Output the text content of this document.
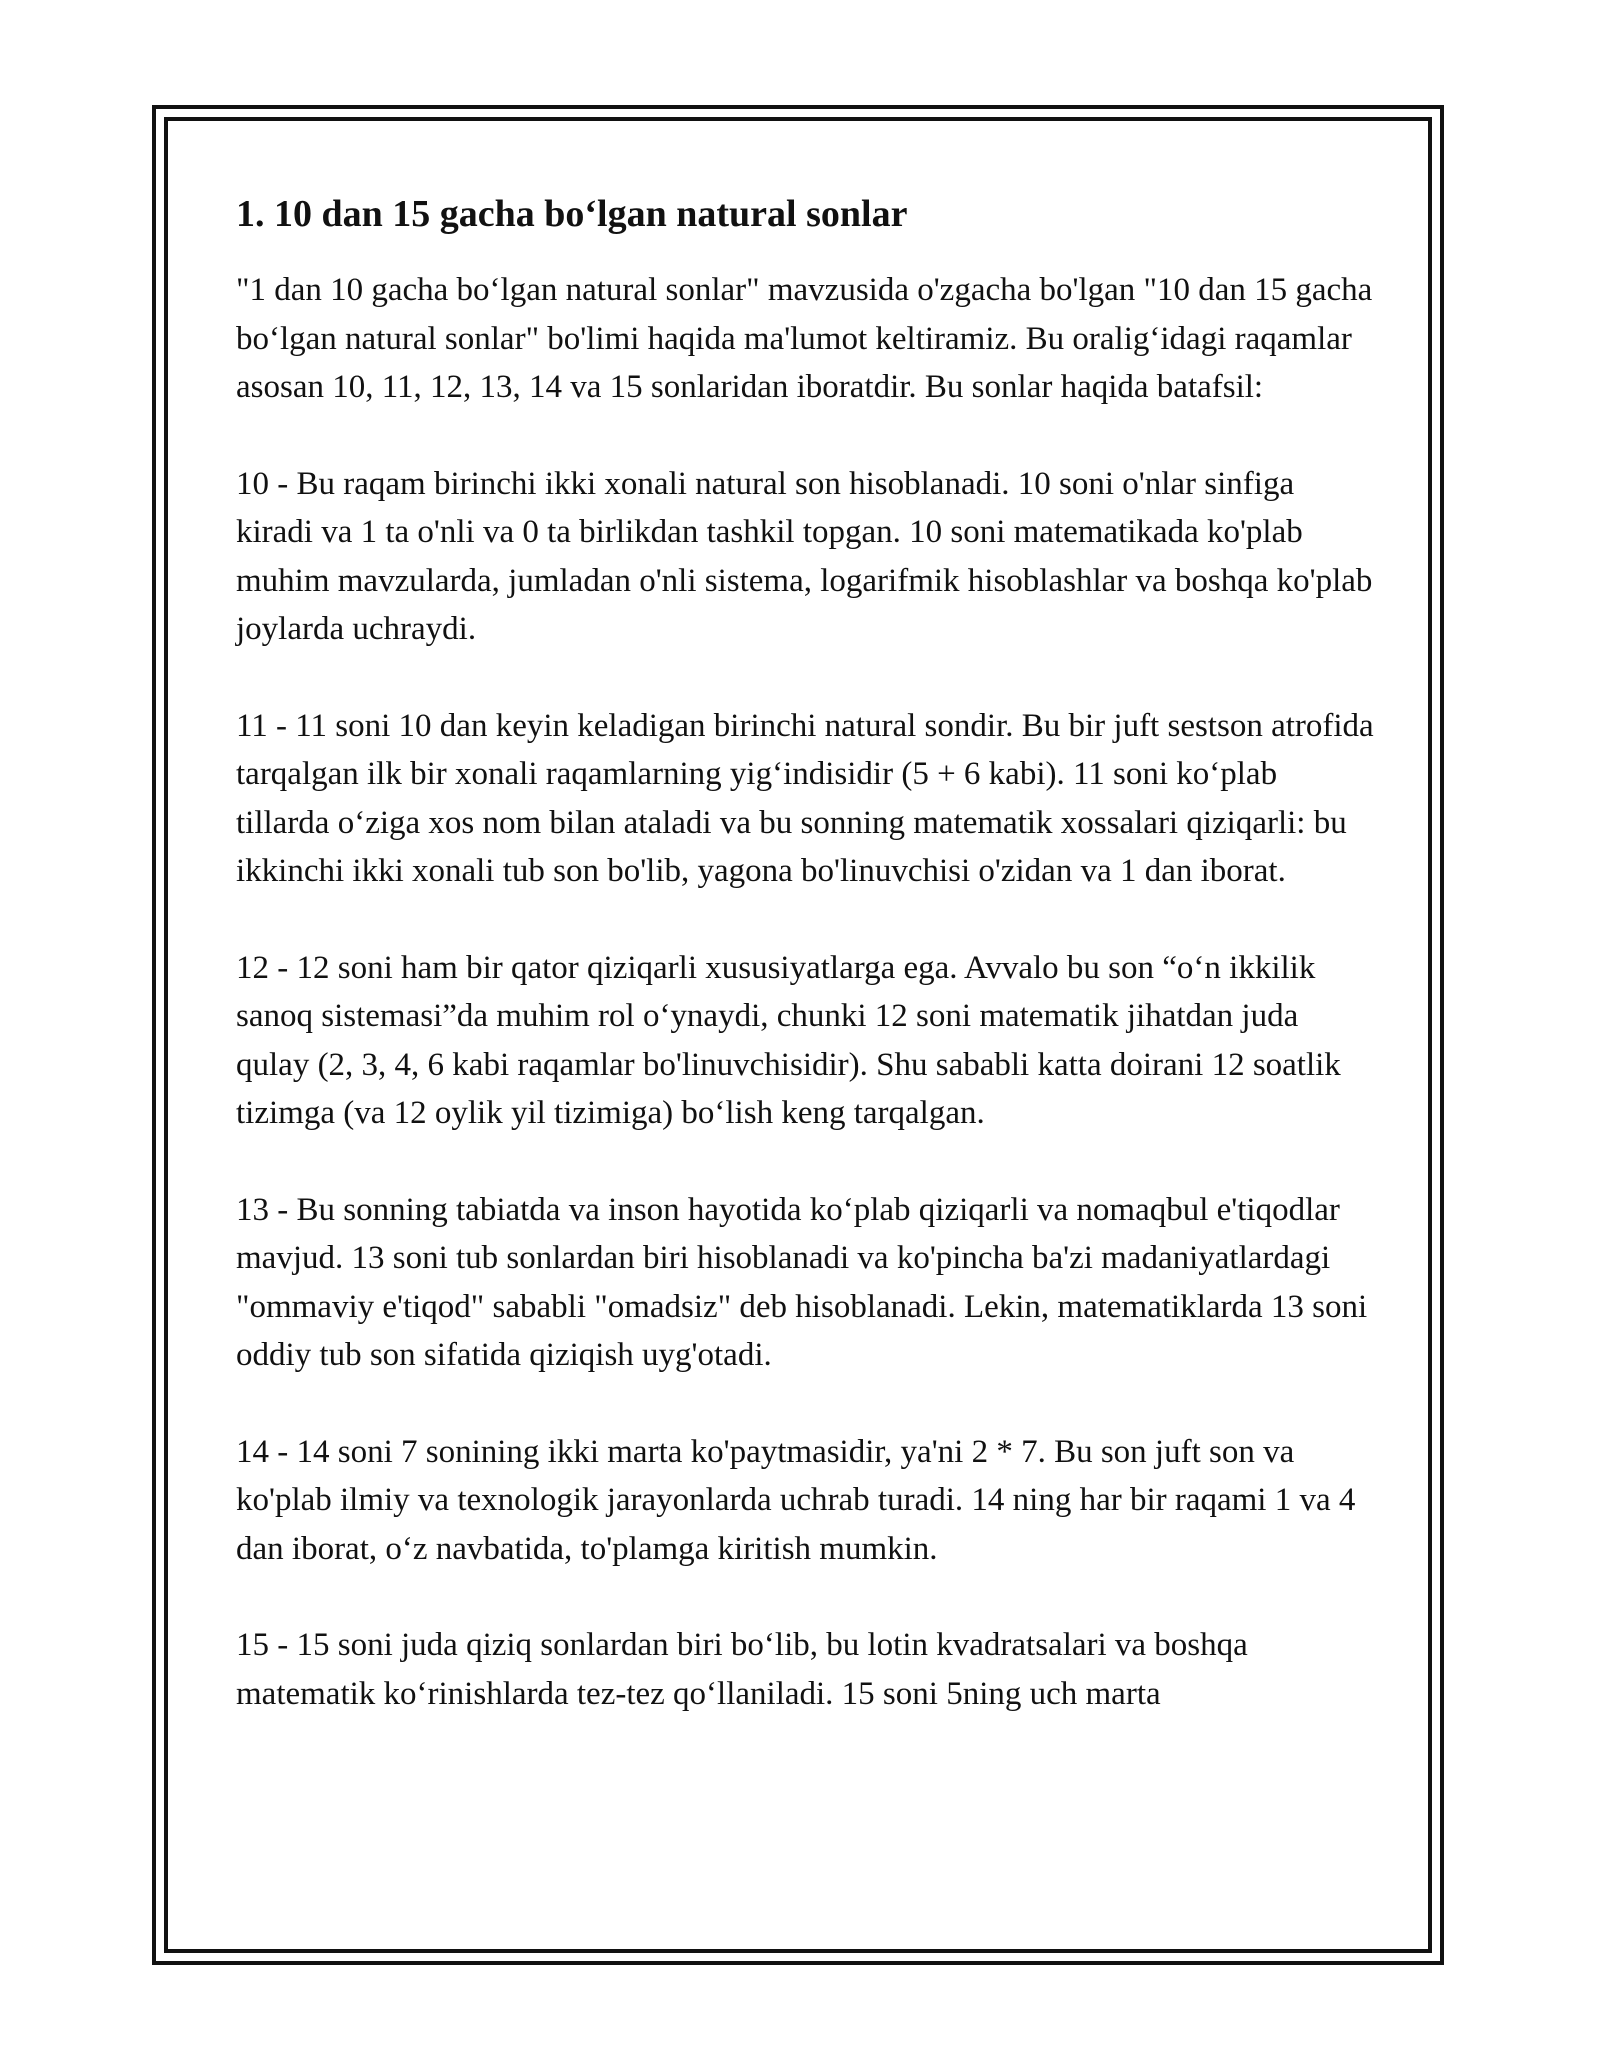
1. 10 dan 15 gacha boʻlgan natural sonlar

"1 dan 10 gacha boʻlgan natural sonlar" mavzusida o'zgacha bo'lgan "10 dan 15 gacha boʻlgan natural sonlar" bo'limi haqida ma'lumot keltiramiz. Bu oraligʻidagi raqamlar asosan 10, 11, 12, 13, 14 va 15 sonlaridan iboratdir. Bu sonlar haqida batafsil:

10 - Bu raqam birinchi ikki xonali natural son hisoblanadi. 10 soni o'nlar sinfiga kiradi va 1 ta o'nli va 0 ta birlikdan tashkil topgan. 10 soni matematikada ko'plab muhim mavzularda, jumladan o'nli sistema, logarifmik hisoblashlar va boshqa ko'plab joylarda uchraydi.

11 - 11 soni 10 dan keyin keladigan birinchi natural sondir. Bu bir juft sestson atrofida tarqalgan ilk bir xonali raqamlarning yigʻindisidir (5 + 6 kabi). 11 soni koʻplab tillarda oʻziga xos nom bilan ataladi va bu sonning matematik xossalari qiziqarli: bu ikkinchi ikki xonali tub son bo'lib, yagona bo'linuvchisi o'zidan va 1 dan iborat.

12 - 12 soni ham bir qator qiziqarli xususiyatlarga ega. Avvalo bu son “oʻn ikkilik sanoq sistemasi”da muhim rol oʻynaydi, chunki 12 soni matematik jihatdan juda qulay (2, 3, 4, 6 kabi raqamlar bo'linuvchisidir). Shu sababli katta doirani 12 soatlik tizimga (va 12 oylik yil tizimiga) boʻlish keng tarqalgan.

13 - Bu sonning tabiatda va inson hayotida koʻplab qiziqarli va nomaqbul e'tiqodlar mavjud. 13 soni tub sonlardan biri hisoblanadi va ko'pincha ba'zi madaniyatlardagi "ommaviy e'tiqod" sababli "omadsiz" deb hisoblanadi. Lekin, matematiklarda 13 soni oddiy tub son sifatida qiziqish uyg'otadi.

14 - 14 soni 7 sonining ikki marta ko'paytmasidir, ya'ni 2 * 7. Bu son juft son va ko'plab ilmiy va texnologik jarayonlarda uchrab turadi. 14 ning har bir raqami 1 va 4 dan iborat, oʻz navbatida, to'plamga kiritish mumkin.

15 - 15 soni juda qiziq sonlardan biri boʻlib, bu lotin kvadratsalari va boshqa matematik koʻrinishlarda tez-tez qoʻllaniladi. 15 soni 5ning uch marta
